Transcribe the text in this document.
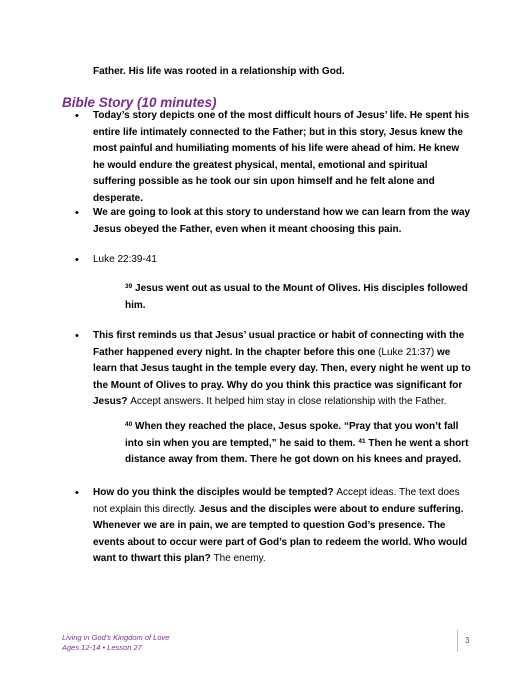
Father. His life was rooted in a relationship with God.
Bible Story (10 minutes)
• Today’s story depicts one of the most difficult hours of Jesus’ life. He spent his entire life intimately connected to the Father; but in this story, Jesus knew the most painful and humiliating moments of his life were ahead of him. He knew he would endure the greatest physical, mental, emotional and spiritual suffering possible as he took our sin upon himself and he felt alone and desperate.
• We are going to look at this story to understand how we can learn from the way Jesus obeyed the Father, even when it meant choosing this pain.
• Luke 22:39-41
$^{39}$ Jesus went out as usual to the Mount of Olives. His disciples followed him.
• This first reminds us that Jesus’ usual practice or habit of connecting with the Father happened every night. In the chapter before this one (Luke 21:37) we learn that Jesus taught in the temple every day. Then, every night he went up to the Mount of Olives to pray. Why do you think this practice was significant for Jesus? Accept answers. It helped him stay in close relationship with the Father.
$^{40}$ When they reached the place, Jesus spoke. “Pray that you won’t fall into sin when you are tempted,” he said to them. $^{41}$ Then he went a short distance away from them. There he got down on his knees and prayed.
• How do you think the disciples would be tempted? Accept ideas. The text does not explain this directly. Jesus and the disciples were about to endure suffering. Whenever we are in pain, we are tempted to question God’s presence. The events about to occur were part of God’s plan to redeem the world. Who would want to thwart this plan? The enemy.
Living in God’s Kingdom of Love
Ages 12-14 • Lesson 27
3
